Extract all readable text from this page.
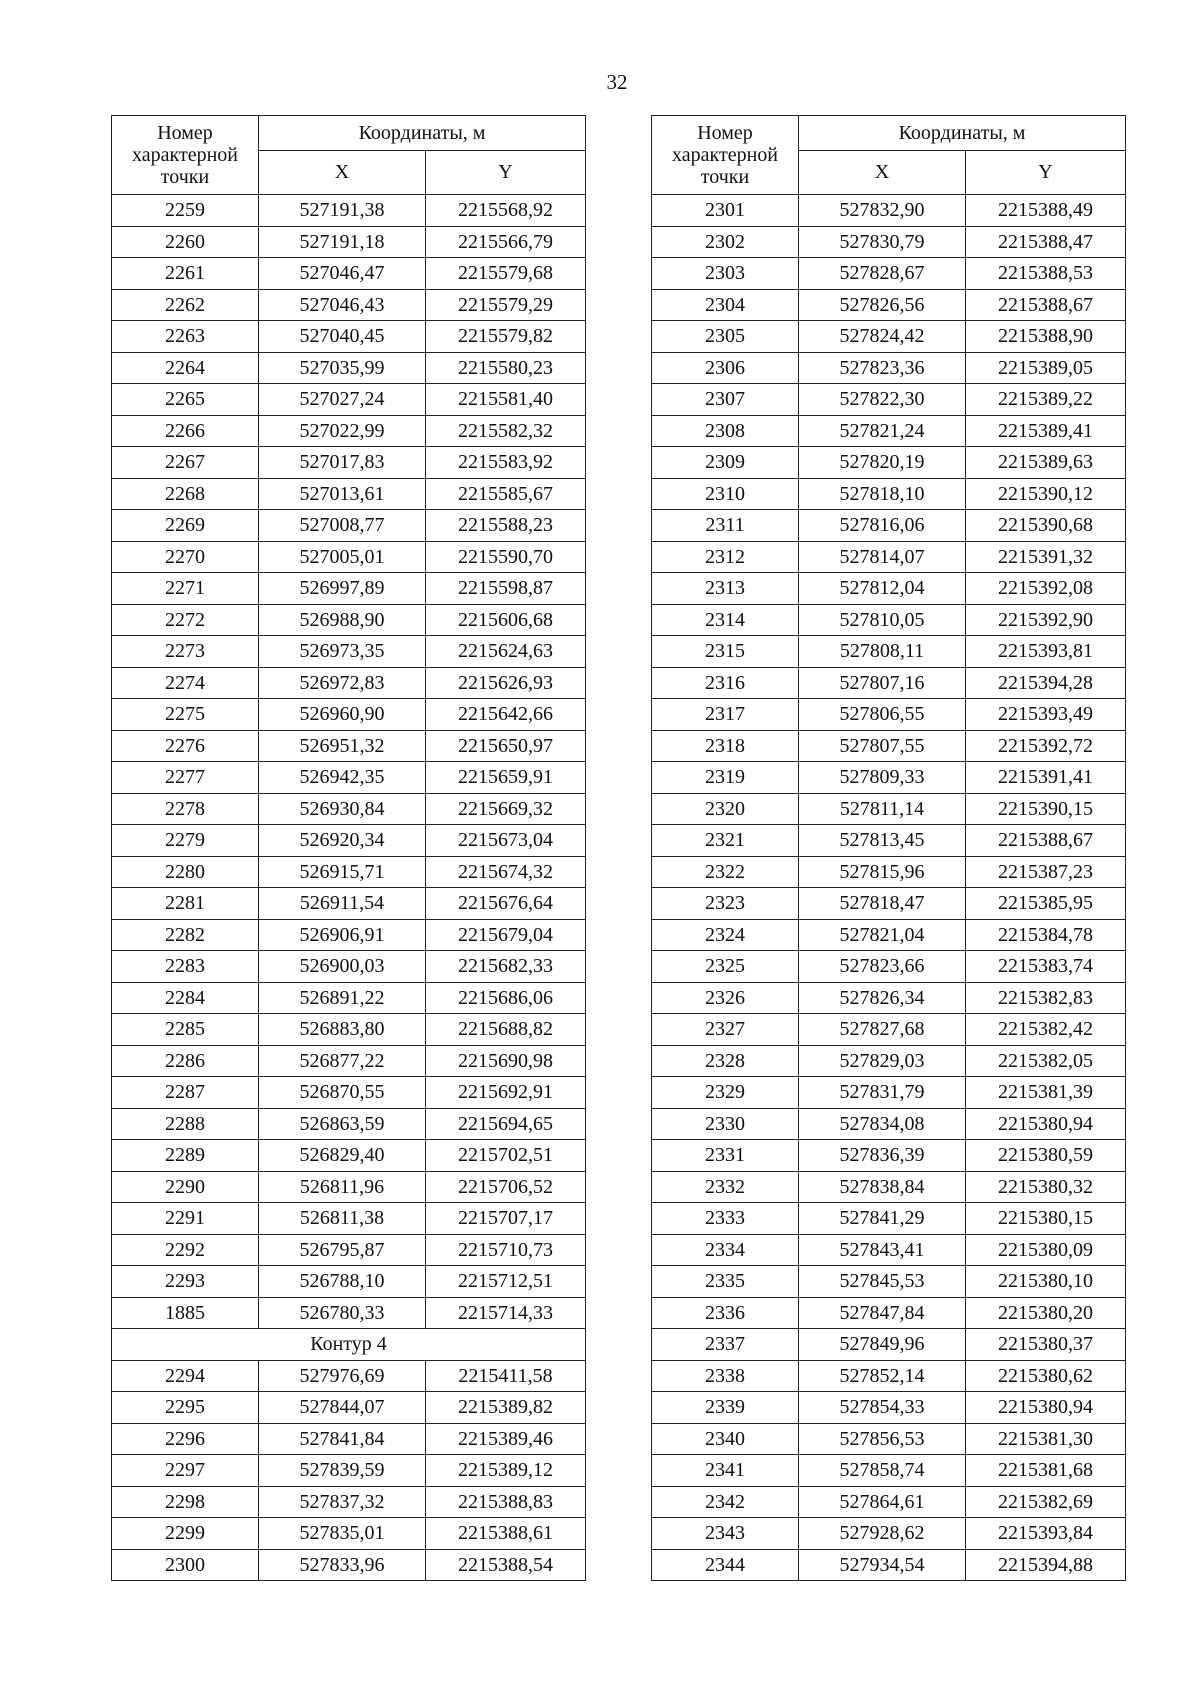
32
Номер характерной точки	Координаты, м	
	X	Y
2259	527191,38	2215568,92
2260	527191,18	2215566,79
2261	527046,47	2215579,68
2262	527046,43	2215579,29
2263	527040,45	2215579,82
2264	527035,99	2215580,23
2265	527027,24	2215581,40
2266	527022,99	2215582,32
2267	527017,83	2215583,92
2268	527013,61	2215585,67
2269	527008,77	2215588,23
2270	527005,01	2215590,70
2271	526997,89	2215598,87
2272	526988,90	2215606,68
2273	526973,35	2215624,63
2274	526972,83	2215626,93
2275	526960,90	2215642,66
2276	526951,32	2215650,97
2277	526942,35	2215659,91
2278	526930,84	2215669,32
2279	526920,34	2215673,04
2280	526915,71	2215674,32
2281	526911,54	2215676,64
2282	526906,91	2215679,04
2283	526900,03	2215682,33
2284	526891,22	2215686,06
2285	526883,80	2215688,82
2286	526877,22	2215690,98
2287	526870,55	2215692,91
2288	526863,59	2215694,65
2289	526829,40	2215702,51
2290	526811,96	2215706,52
2291	526811,38	2215707,17
2292	526795,87	2215710,73
2293	526788,10	2215712,51
1885	526780,33	2215714,33
Контур 4		
2294	527976,69	2215411,58
2295	527844,07	2215389,82
2296	527841,84	2215389,46
2297	527839,59	2215389,12
2298	527837,32	2215388,83
2299	527835,01	2215388,61
2300	527833,96	2215388,54
Номер характерной точки	Координаты, м	
	X	Y
2301	527832,90	2215388,49
2302	527830,79	2215388,47
2303	527828,67	2215388,53
2304	527826,56	2215388,67
2305	527824,42	2215388,90
2306	527823,36	2215389,05
2307	527822,30	2215389,22
2308	527821,24	2215389,41
2309	527820,19	2215389,63
2310	527818,10	2215390,12
2311	527816,06	2215390,68
2312	527814,07	2215391,32
2313	527812,04	2215392,08
2314	527810,05	2215392,90
2315	527808,11	2215393,81
2316	527807,16	2215394,28
2317	527806,55	2215393,49
2318	527807,55	2215392,72
2319	527809,33	2215391,41
2320	527811,14	2215390,15
2321	527813,45	2215388,67
2322	527815,96	2215387,23
2323	527818,47	2215385,95
2324	527821,04	2215384,78
2325	527823,66	2215383,74
2326	527826,34	2215382,83
2327	527827,68	2215382,42
2328	527829,03	2215382,05
2329	527831,79	2215381,39
2330	527834,08	2215380,94
2331	527836,39	2215380,59
2332	527838,84	2215380,32
2333	527841,29	2215380,15
2334	527843,41	2215380,09
2335	527845,53	2215380,10
2336	527847,84	2215380,20
2337	527849,96	2215380,37
2338	527852,14	2215380,62
2339	527854,33	2215380,94
2340	527856,53	2215381,30
2341	527858,74	2215381,68
2342	527864,61	2215382,69
2343	527928,62	2215393,84
2344	527934,54	2215394,88
